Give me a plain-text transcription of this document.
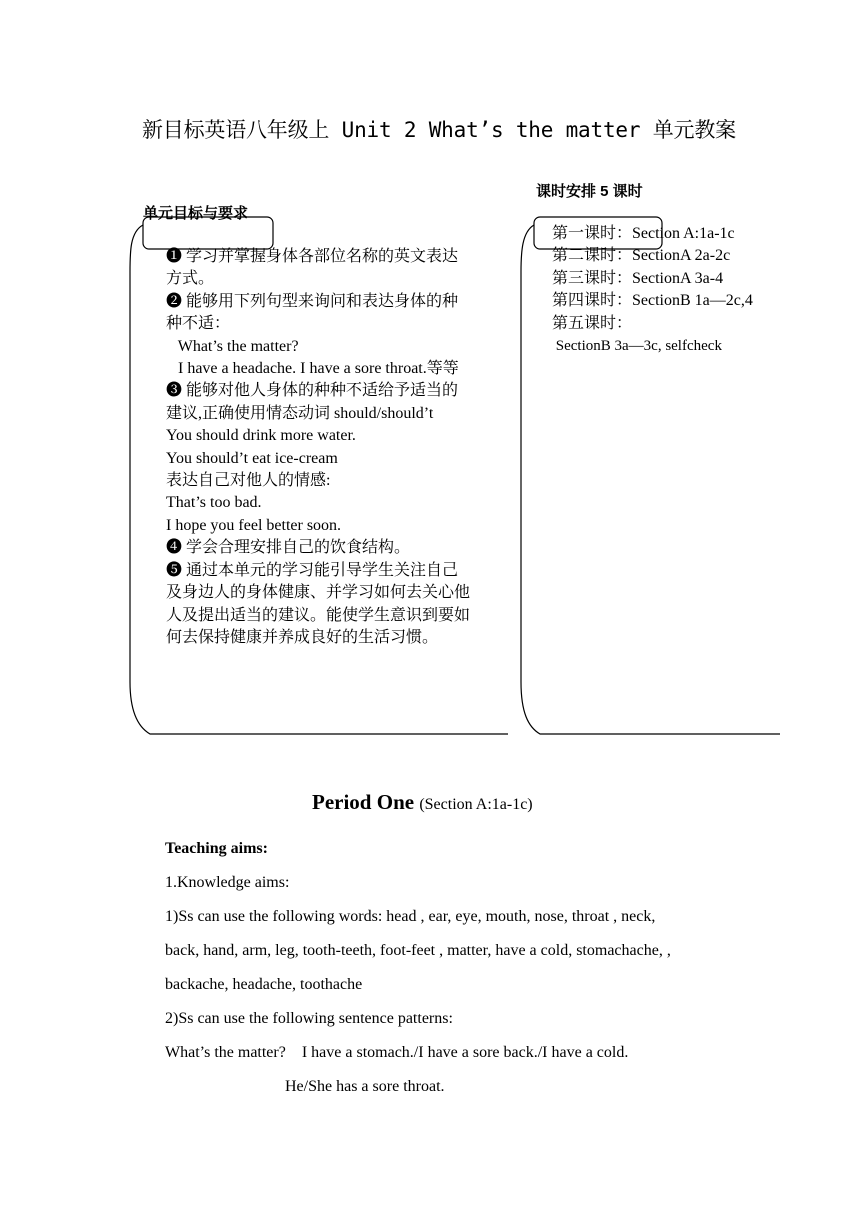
新目标英语八年级上 Unit 2 What’s the matter 单元教案
单元目标与要求
❶ 学习并掌握身体各部位名称的英文表达
方式。
❷ 能够用下列句型来询问和表达身体的种
种不适：
What’s the matter?
I have a headache. I have a sore throat.等等
❸ 能够对他人身体的种种不适给予适当的
建议,正确使用情态动词 should/should’t
You should drink more water.
You should’t eat ice-cream
表达自己对他人的情感:
That’s too bad.
I hope you feel better soon.
❹ 学会合理安排自己的饮食结构。
❺ 通过本单元的学习能引导学生关注自己
及身边人的身体健康、并学习如何去关心他
人及提出适当的建议。能使学生意识到要如
何去保持健康并养成良好的生活习惯。
课时安排 5 课时
第一课时：Section A:1a-1c
第二课时：SectionA 2a-2c
第三课时：SectionA 3a-4
第四课时：SectionB 1a—2c,4
第五课时：
SectionB 3a—3c, selfcheck
Period One (Section A:1a-1c)
Teaching aims:
1.Knowledge aims:
1)Ss can use the following words: head , ear, eye, mouth, nose, throat , neck,
back, hand, arm, leg, tooth-teeth, foot-feet , matter, have a cold, stomachache, ,
backache, headache, toothache
2)Ss can use the following sentence patterns:
What’s the matter?    I have a stomach./I have a sore back./I have a cold.
He/She has a sore throat.
